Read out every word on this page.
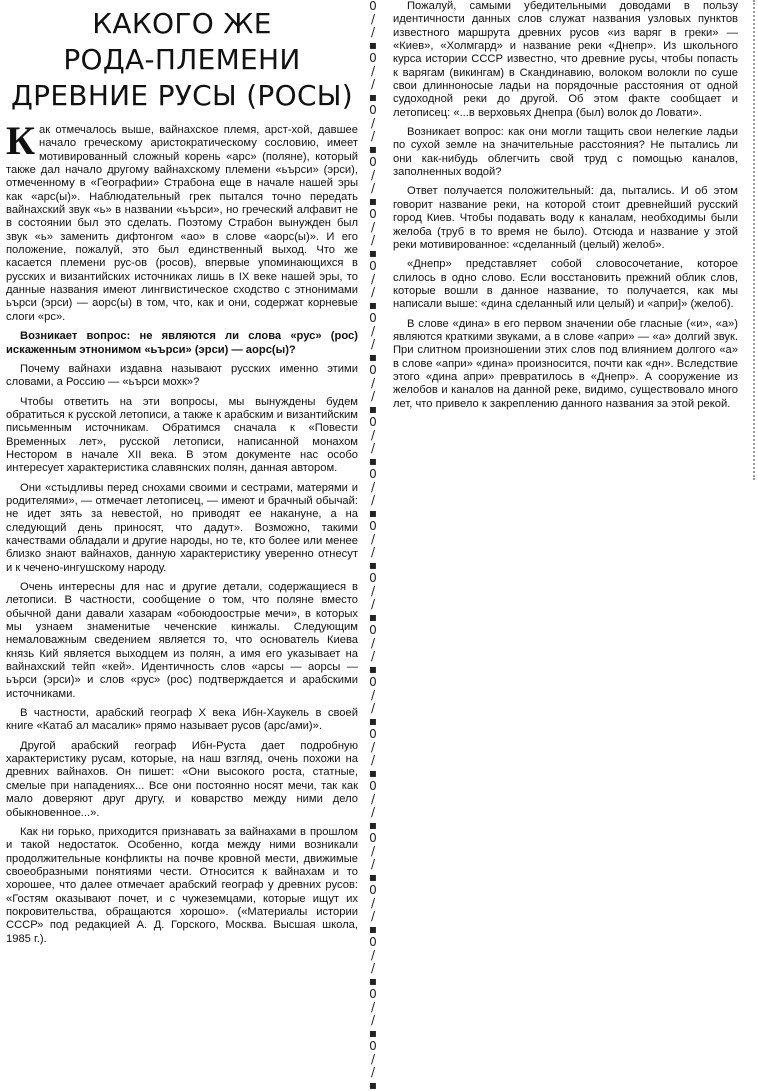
КАКОГО ЖЕ
РОДА-ПЛЕМЕНИ
ДРЕВНИЕ РУСЫ (РОСЫ)

Как отмечалось выше, вайнахское племя, арст-хой, давшее начало греческому аристократическому сословию, имеет мотивированный сложный корень «арс» (поляне), который также дал начало другому вайнахскому племени «ьърси» (эрси), отмеченному в «Географии» Страбона еще в начале нашей эры как «арс(ы)». Наблюдательный грек пытался точно передать вайнахский звук «ь» в названии «ьърси», но греческий алфавит не в состоянии был это сделать. Поэтому Страбон вынужден был звук «ь» заменить дифтонгом «ао» в слове «аорс(ы)». И его положение, пожалуй, это был единственный выход. Что же касается племени рус-ов (росов), впервые упоминающихся в русских и византийских источниках лишь в IX веке нашей эры, то данные названия имеют лингвистическое сходство с этнонимами ьърси (эрси) — аорс(ы) в том, что, как и они, содержат корневые слоги «рс».

Возникает вопрос: не являются ли слова «рус» (рос) искаженным этнонимом «ьърси» (эрси) — аорс(ы)?

Почему вайнахи издавна называют русских именно этими словами, а Россию — «ьърси мохк»?

Чтобы ответить на эти вопросы, мы вынуждены будем обратиться к русской летописи, а также к арабским и византийским письменным источникам. Обратимся сначала к «Повести Временных лет», русской летописи, написанной монахом Нестором в начале XII века. В этом документе нас особо интересует характеристика славянских полян, данная автором.

Они «стыдливы перед снохами своими и сестрами, матерями и родителями», — отмечает летописец, — имеют и брачный обычай: не идет зять за невестой, но приводят ее накануне, а на следующий день приносят, что дадут». Возможно, такими качествами обладали и другие народы, но те, кто более или менее близко знают вайнахов, данную характеристику уверенно отнесут и к чечено-ингушскому народу.

Очень интересны для нас и другие детали, содержащиеся в летописи. В частности, сообщение о том, что поляне вместо обычной дани давали хазарам «обоюдоострые мечи», в которых мы узнаем знаменитые чеченские кинжалы. Следующим немаловажным сведением является то, что основатель Киева князь Кий является выходцем из полян, а имя его указывает на вайнахский тейп «кей». Идентичность слов «арсы — аорсы — ьърси (эрси)» и слов «рус» (рос) подтверждается и арабскими источниками.

В частности, арабский географ Х века Ибн-Хаукель в своей книге «Катаб ал масалик» прямо называет русов (арс/ами)».

Другой арабский географ Ибн-Руста дает подробную характеристику русам, которые, на наш взгляд, очень похожи на древних вайнахов. Он пишет: «Они высокого роста, статные, смелые при нападениях... Все они постоянно носят мечи, так как мало доверяют друг другу, и коварство между ними дело обыкновенное...».

Как ни горько, приходится признавать за вайнахами в прошлом и такой недостаток. Особенно, когда между ними возникали продолжительные конфликты на почве кровной мести, движимые своеобразными понятиями чести. Относится к вайнахам и то хорошее, что далее отмечает арабский географ у древних русов: «Гостям оказывают почет, и с чужеземцами, которые ищут их покровительства, обращаются хорошо». («Материалы истории СССР» под редакцией А. Д. Горского, Москва. Высшая школа, 1985 г.).

0
/
/
▪
0
/
/
▪
0
/
/
▪
0
/
/
▪
0
/
/
▪
0
/
/
▪
0
/
/
▪
0
/
/
▪
0
/
/
▪
0
/
/
▪
0
/
/
▪
0
/
/
▪
0
/
/
▪
0
/
/
▪
0
/
/
▪
0
/
/
▪
0
/
/
▪
0
/
/
▪
0
/
/
▪
0
/
/
▪
0
/
/
▪

Пожалуй, самыми убедительными доводами в пользу идентичности данных слов служат названия узловых пунктов известного маршрута древних русов «из варяг в греки» — «Киев», «Холмгард» и название реки «Днепр». Из школьного курса истории СССР известно, что древние русы, чтобы попасть к варягам (викингам) в Скандинавию, волоком волокли по суше свои длинноносые ладьи на порядочные расстояния от одной судоходной реки до другой. Об этом факте сообщает и летописец: «...в верховьях Днепра (был) волок до Ловати».

Возникает вопрос: как они могли тащить свои нелегкие ладьи по сухой земле на значительные расстояния? Не пытались ли они как-нибудь облегчить свой труд с помощью каналов, заполненных водой?

Ответ получается положительный: да, пытались. И об этом говорит название реки, на которой стоит древнейший русский город Киев. Чтобы подавать воду к каналам, необходимы были желоба (труб в то время не было). Отсюда и название у этой реки мотивированное: «сделанный (целый) желоб».

«Днепр» представляет собой словосочетание, которое слилось в одно слово. Если восстановить прежний облик слов, которые вошли в данное название, то получается, как мы написали выше: «дина сделанный или целый) и «апри]» (желоб).

В слове «дина» в его первом значении обе гласные («и», «а») являются краткими звуками, а в слове «апри» — «а» долгий звук. При слитном произношении этих слов под влиянием долгого «а» в слове «апри» «дина» произносится, почти как «дн». Вследствие этого «дина апри» превратилось в «Днепр». А сооружение из желобов и каналов на данной реке, видимо, существовало много лет, что привело к закреплению данного названия за этой рекой.
